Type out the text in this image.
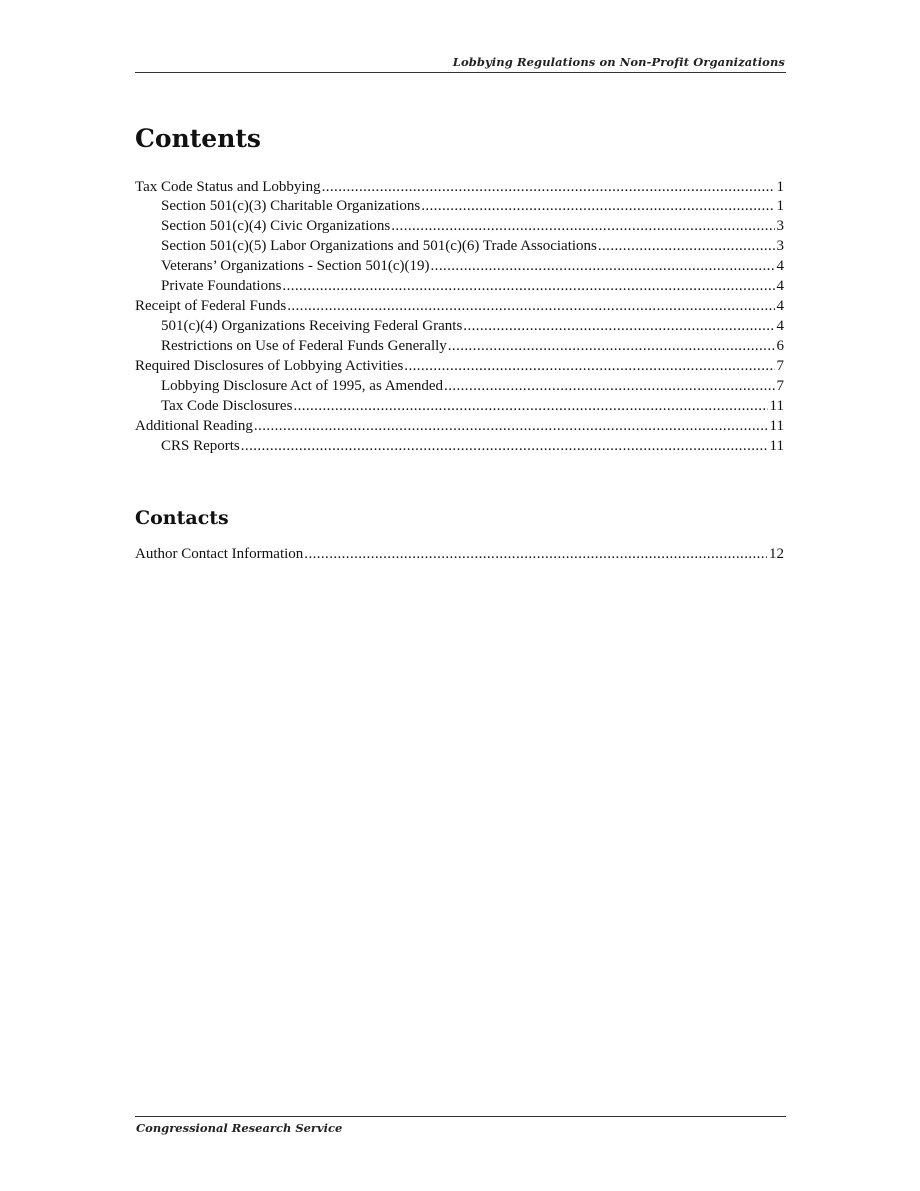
Lobbying Regulations on Non-Profit Organizations
Contents
Tax Code Status and Lobbying .....	1
Section 501(c)(3) Charitable Organizations .....	1
Section 501(c)(4) Civic Organizations .....	3
Section 501(c)(5) Labor Organizations and 501(c)(6) Trade Associations .....	3
Veterans’ Organizations - Section 501(c)(19) .....	4
Private Foundations .....	4
Receipt of Federal Funds .....	4
501(c)(4) Organizations Receiving Federal Grants .....	4
Restrictions on Use of Federal Funds Generally .....	6
Required Disclosures of Lobbying Activities .....	7
Lobbying Disclosure Act of 1995, as Amended .....	7
Tax Code Disclosures .....	11
Additional Reading .....	11
CRS Reports .....	11
Contacts
Author Contact Information .....	12
Congressional Research Service
